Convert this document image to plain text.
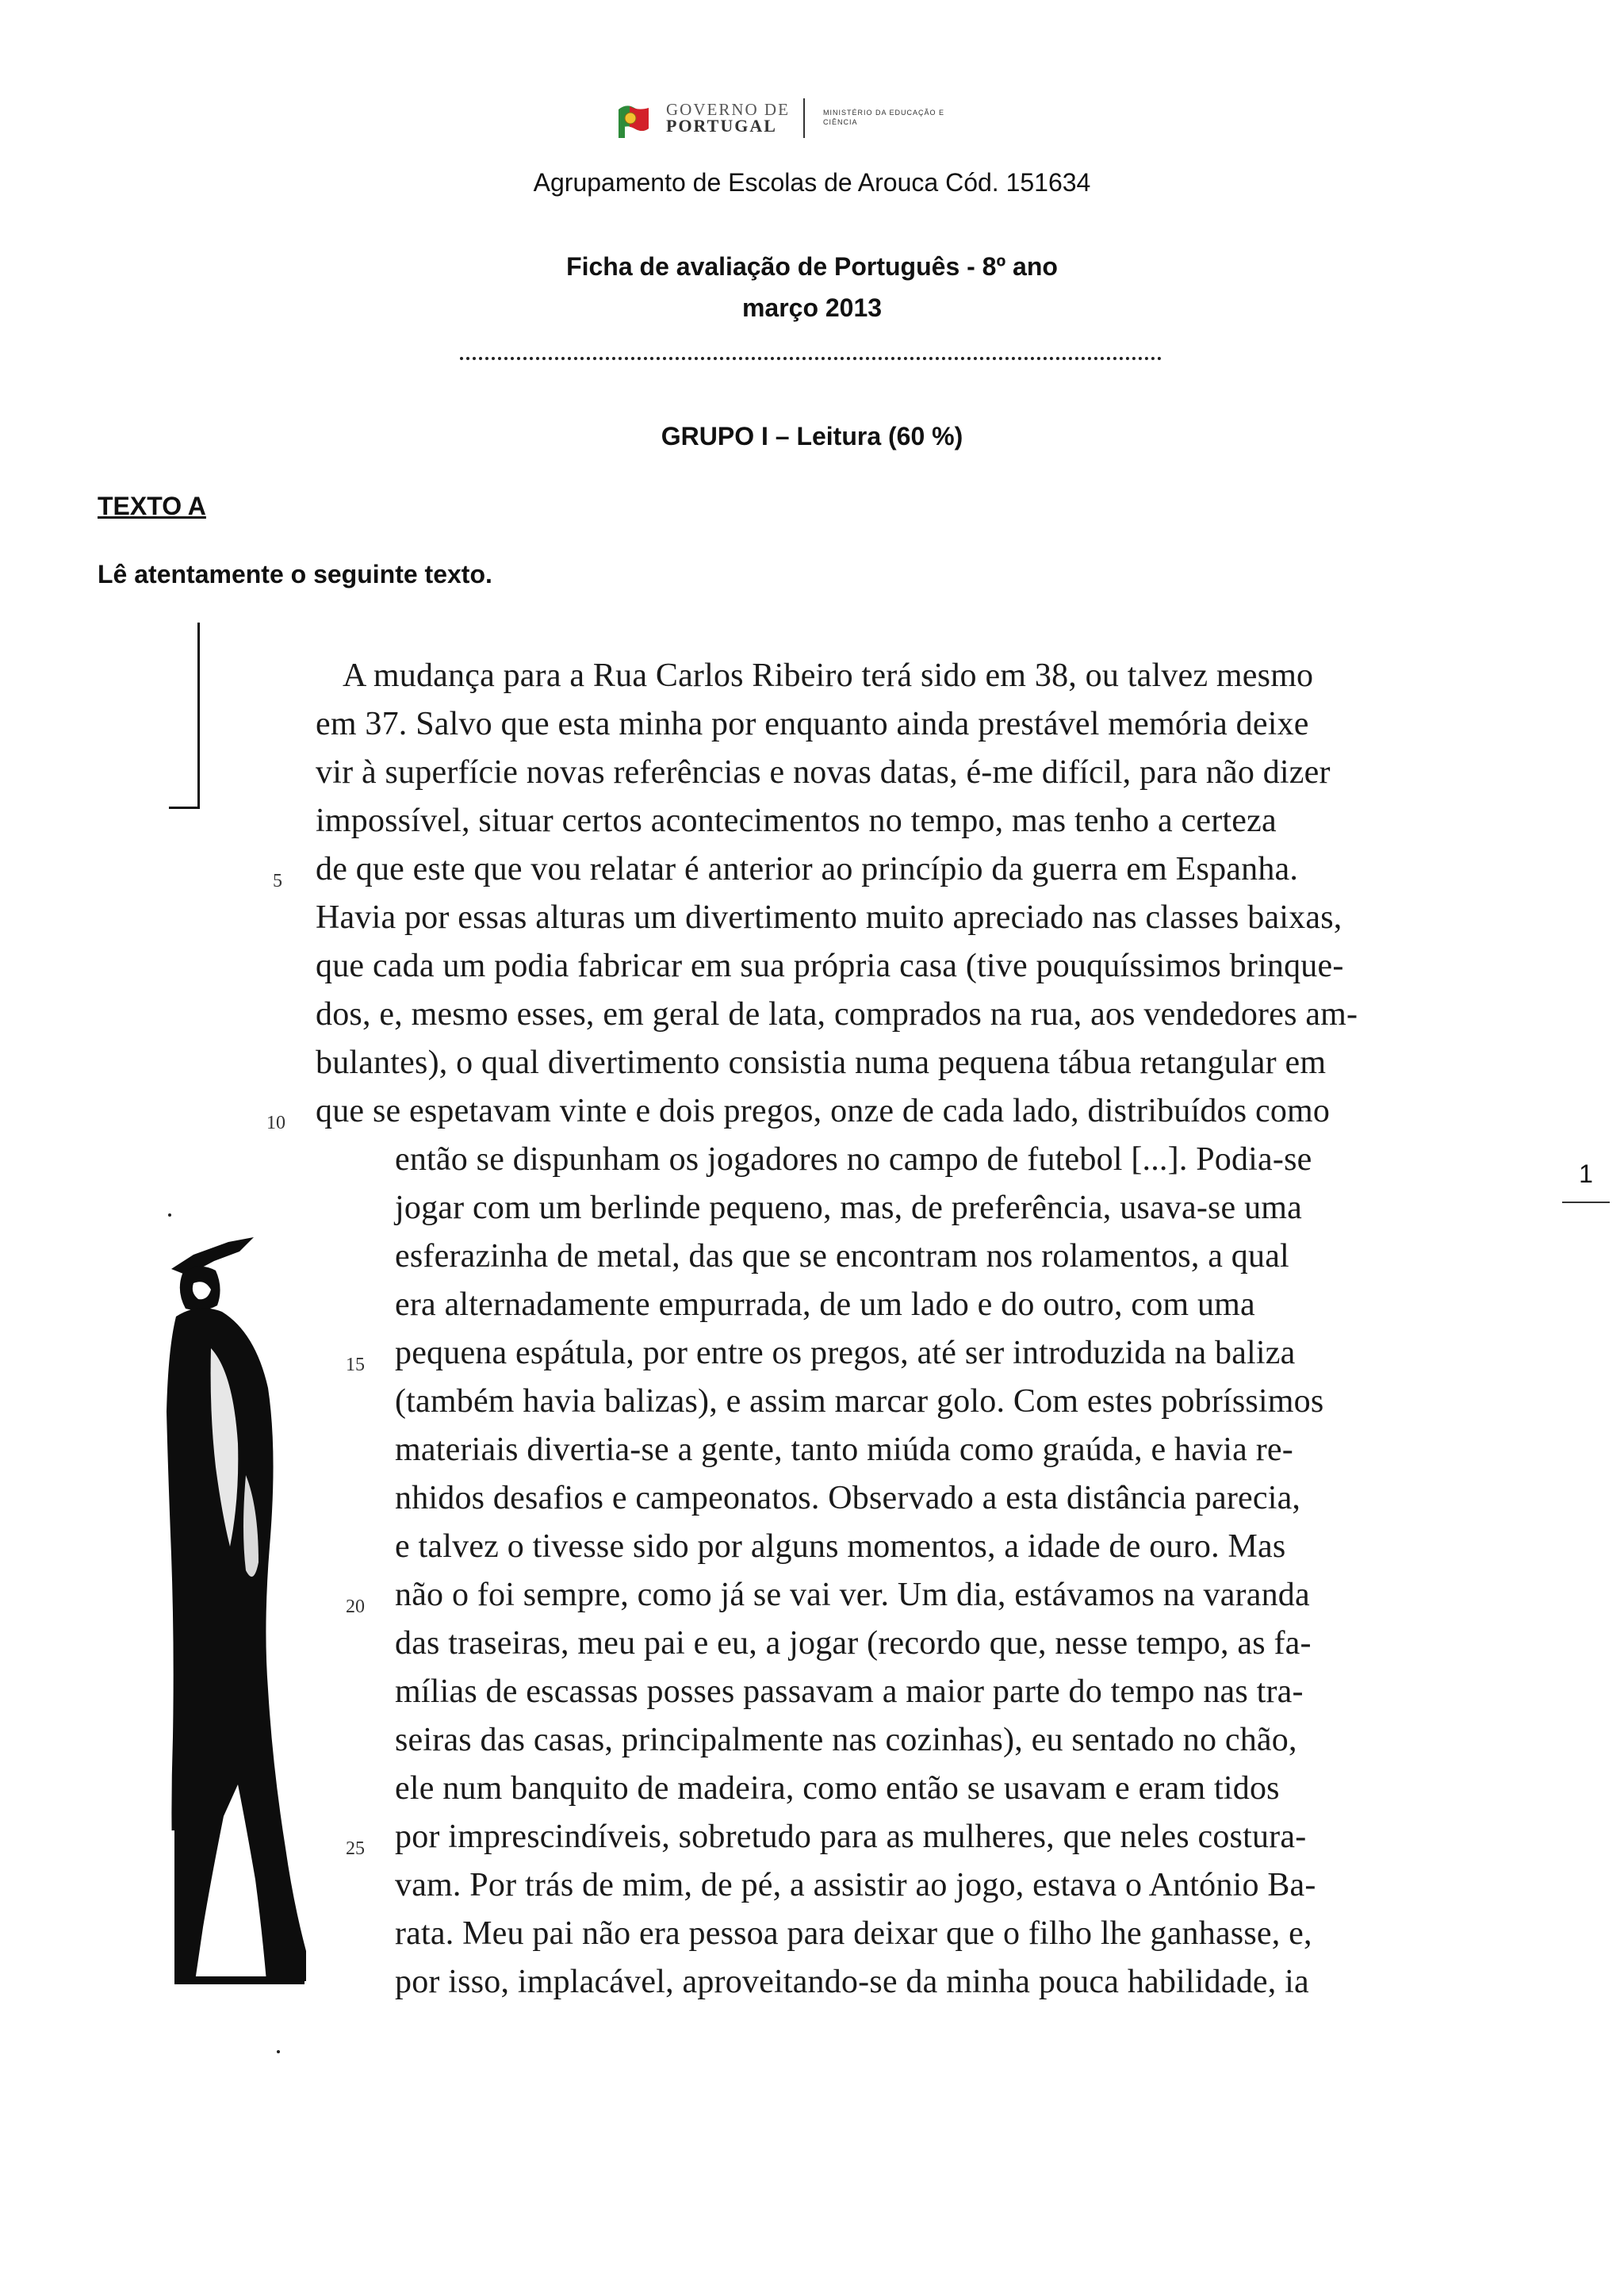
GOVERNO DE
PORTUGAL
MINISTÉRIO DA EDUCAÇÃO E CIÊNCIA
Agrupamento de Escolas de Arouca Cód. 151634
Ficha de avaliação de Português - 8º ano
março 2013
GRUPO I – Leitura (60 %)
TEXTO A
Lê atentamente o seguinte texto.
A mudança para a Rua Carlos Ribeiro terá sido em 38, ou talvez mesmo
em 37. Salvo que esta minha por enquanto ainda prestável memória deixe
vir à superfície novas referências e novas datas, é-me difícil, para não dizer
impossível, situar certos acontecimentos no tempo, mas tenho a certeza
de que este que vou relatar é anterior ao princípio da guerra em Espanha.
Havia por essas alturas um divertimento muito apreciado nas classes baixas,
que cada um podia fabricar em sua própria casa (tive pouquíssimos brinque-
dos, e, mesmo esses, em geral de lata, comprados na rua, aos vendedores am-
bulantes), o qual divertimento consistia numa pequena tábua retangular em
que se espetavam vinte e dois pregos, onze de cada lado, distribuídos como
então se dispunham os jogadores no campo de futebol [...]. Podia-se
jogar com um berlinde pequeno, mas, de preferência, usava-se uma
esferazinha de metal, das que se encontram nos rolamentos, a qual
era alternadamente empurrada, de um lado e do outro, com uma
pequena espátula, por entre os pregos, até ser introduzida na baliza
(também havia balizas), e assim marcar golo. Com estes pobríssimos
materiais divertia-se a gente, tanto miúda como graúda, e havia re-
nhidos desafios e campeonatos. Observado a esta distância parecia,
e talvez o tivesse sido por alguns momentos, a idade de ouro. Mas
não o foi sempre, como já se vai ver. Um dia, estávamos na varanda
das traseiras, meu pai e eu, a jogar (recordo que, nesse tempo, as fa-
mílias de escassas posses passavam a maior parte do tempo nas tra-
seiras das casas, principalmente nas cozinhas), eu sentado no chão,
ele num banquito de madeira, como então se usavam e eram tidos
por imprescindíveis, sobretudo para as mulheres, que neles costura-
vam. Por trás de mim, de pé, a assistir ao jogo, estava o António Ba-
rata. Meu pai não era pessoa para deixar que o filho lhe ganhasse, e,
por isso, implacável, aproveitando-se da minha pouca habilidade, ia
5
10
15
20
25
1
